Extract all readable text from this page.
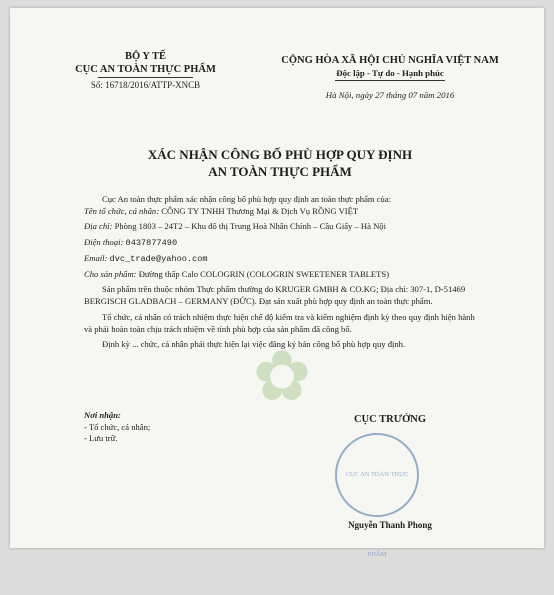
✿
BỘ Y TẾ
CỤC AN TOÀN THỰC PHẨM
Số: 16718/2016/ATTP-XNCB
CỘNG HÒA XÃ HỘI CHỦ NGHĨA VIỆT NAM
Độc lập - Tự do - Hạnh phúc
Hà Nội, ngày 27 tháng 07 năm 2016
XÁC NHẬN CÔNG BỐ PHÙ HỢP QUY ĐỊNH
AN TOÀN THỰC PHẨM

Cục An toàn thực phẩm xác nhận công bố phù hợp quy định an toàn thực phẩm của:

Tên tổ chức, cá nhân: CÔNG TY TNHH Thương Mại & Dịch Vụ RỒNG VIỆT

Địa chỉ: Phòng 1803 – 24T2 – Khu đô thị Trung Hoà Nhân Chính – Cầu Giấy – Hà Nội

Điện thoại: 0437877490

Email: dvc_trade@yahoo.com

Cho sản phẩm: Đường thấp Calo COLOGRIN (COLOGRIN SWEETENER TABLETS)

Sản phẩm trên thuộc nhóm Thực phẩm thường do KRUGER GMBH & CO.KG; Địa chỉ: 307-1, D-51469 BERGISCH GLADBACH – GERMANY (ĐỨC). Đạt sản xuất phù hợp quy định an toàn thực phẩm.

Tổ chức, cá nhân có trách nhiệm thực hiện chế độ kiểm tra và kiểm nghiệm định kỳ theo quy định hiện hành và phải hoàn toàn chịu trách nhiệm về tính phù hợp của sản phẩm đã công bố.

Định kỳ ... chức, cá nhân phải thực hiện lại việc đăng ký bản công bố phù hợp quy định.

Nơi nhận:
- Tổ chức, cá nhân;
- Lưu trữ.
CỤC TRƯỞNG
CỤC AN TOÀN THỰC PHẨM
Nguyễn Thanh Phong
